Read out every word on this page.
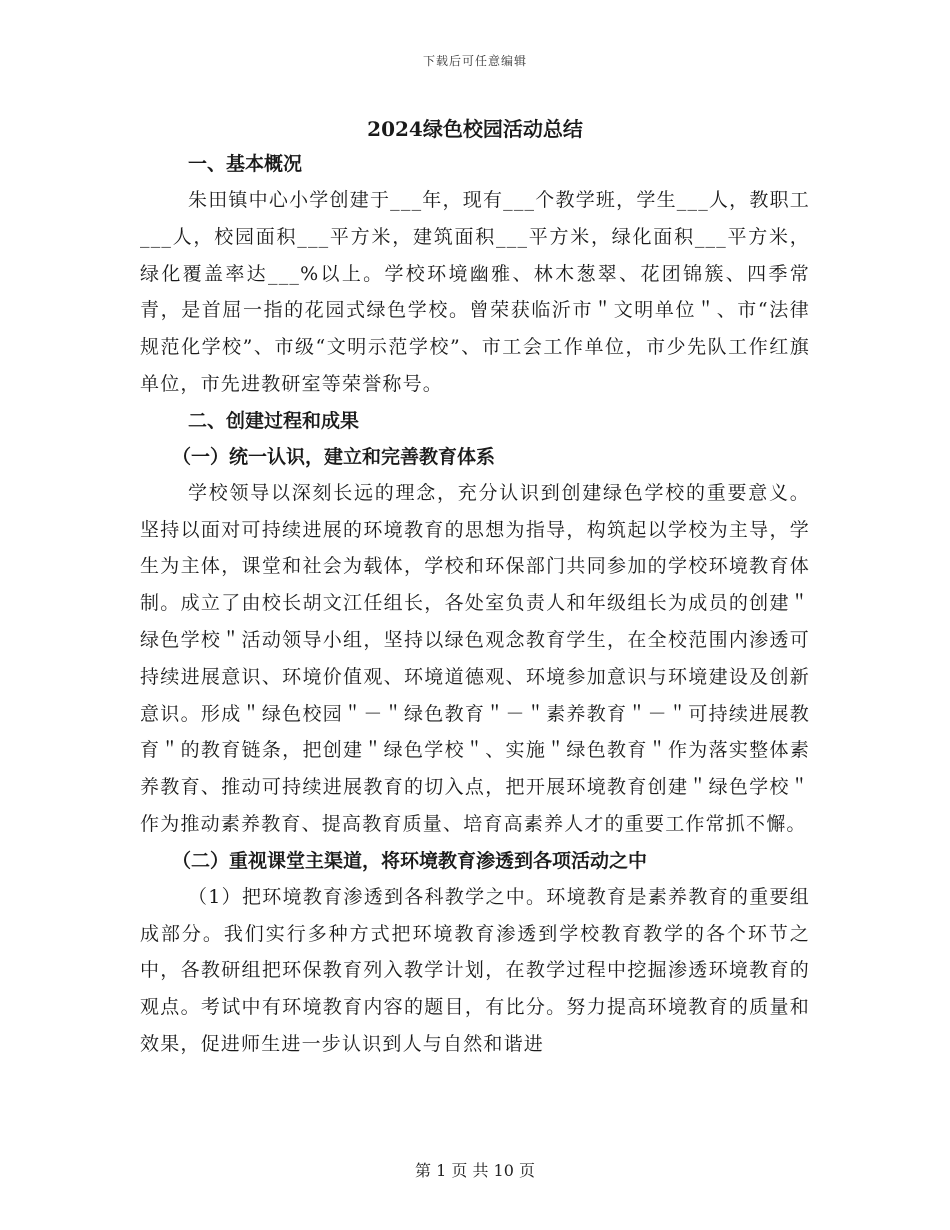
下载后可任意编辑
2024绿色校园活动总结

一、基本概况

朱田镇中心小学创建于___年，现有___个教学班，学生___人，教职工___人，校园面积___平方米，建筑面积___平方米，绿化面积___平方米，绿化覆盖率达___%以上。学校环境幽雅、林木葱翠、花团锦簇、四季常青，是首屈一指的花园式绿色学校。曾荣获临沂市＂文明单位＂、市“法律规范化学校”、市级“文明示范学校”、市工会工作单位，市少先队工作红旗单位，市先进教研室等荣誉称号。

二、创建过程和成果

（一）统一认识，建立和完善教育体系

学校领导以深刻长远的理念，充分认识到创建绿色学校的重要意义。坚持以面对可持续进展的环境教育的思想为指导，构筑起以学校为主导，学生为主体，课堂和社会为载体，学校和环保部门共同参加的学校环境教育体制。成立了由校长胡文江任组长，各处室负责人和年级组长为成员的创建＂绿色学校＂活动领导小组，坚持以绿色观念教育学生，在全校范围内渗透可持续进展意识、环境价值观、环境道德观、环境参加意识与环境建设及创新意识。形成＂绿色校园＂－＂绿色教育＂－＂素养教育＂－＂可持续进展教育＂的教育链条，把创建＂绿色学校＂、实施＂绿色教育＂作为落实整体素养教育、推动可持续进展教育的切入点，把开展环境教育创建＂绿色学校＂作为推动素养教育、提高教育质量、培育高素养人才的重要工作常抓不懈。

（二）重视课堂主渠道，将环境教育渗透到各项活动之中

（1）把环境教育渗透到各科教学之中。环境教育是素养教育的重要组成部分。我们实行多种方式把环境教育渗透到学校教育教学的各个环节之中，各教研组把环保教育列入教学计划，在教学过程中挖掘渗透环境教育的观点。考试中有环境教育内容的题目，有比分。努力提高环境教育的质量和效果，促进师生进一步认识到人与自然和谐进

第 1 页 共 10 页
